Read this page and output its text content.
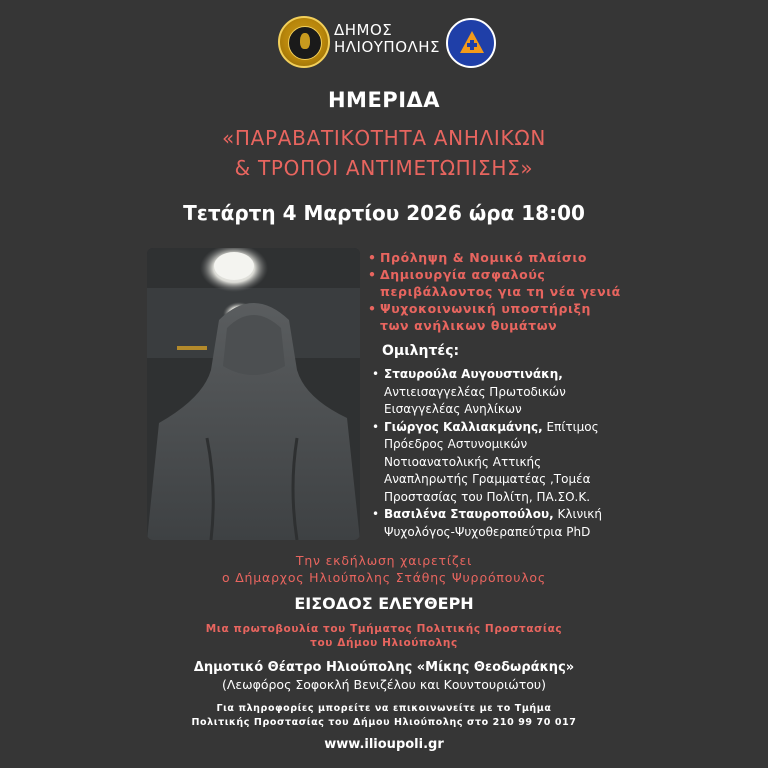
ΔΗΜΟΣ
ΗΛΙΟΥΠΟΛΗΣ
ΗΜΕΡΙΔΑ
«ΠΑΡΑΒΑΤΙΚΟΤΗΤΑ ΑΝΗΛΙΚΩΝ
& ΤΡΟΠΟΙ ΑΝΤΙΜΕΤΩΠΙΣΗΣ»
Τετάρτη 4 Μαρτίου 2026 ώρα 18:00
• Πρόληψη & Νομικό πλαίσιο
• Δημιουργία ασφαλούς
περιβάλλοντος για τη νέα γενιά
• Ψυχοκοινωνική υποστήριξη
των ανήλικων θυμάτων
Ομιλητές:
• Σταυρούλα Αυγουστινάκη,
Αντιεισαγγελέας Πρωτοδικών
Εισαγγελέας Ανηλίκων
• Γιώργος Καλλιακμάνης, Επίτιμος
Πρόεδρος Αστυνομικών
Νοτιοανατολικής Αττικής
Αναπληρωτής Γραμματέας ,Τομέα
Προστασίας του Πολίτη, ΠΑ.ΣΟ.Κ.
• Βασιλένα Σταυροπούλου, Κλινική
Ψυχολόγος-Ψυχοθεραπεύτρια PhD
Την εκδήλωση χαιρετίζει
ο Δήμαρχος Ηλιούπολης Στάθης Ψυρρόπουλος
ΕΙΣΟΔΟΣ ΕΛΕΥΘΕΡΗ
Μια πρωτοβουλία του Τμήματος Πολιτικής Προστασίας
του Δήμου Ηλιούπολης
Δημοτικό Θέατρο Ηλιούπολης «Μίκης Θεοδωράκης»
(Λεωφόρος Σοφοκλή Βενιζέλου και Κουντουριώτου)
Για πληροφορίες μπορείτε να επικοινωνείτε με το Τμήμα
Πολιτικής Προστασίας του Δήμου Ηλιούπολης στο 210 99 70 017
www.ilioupoli.gr
